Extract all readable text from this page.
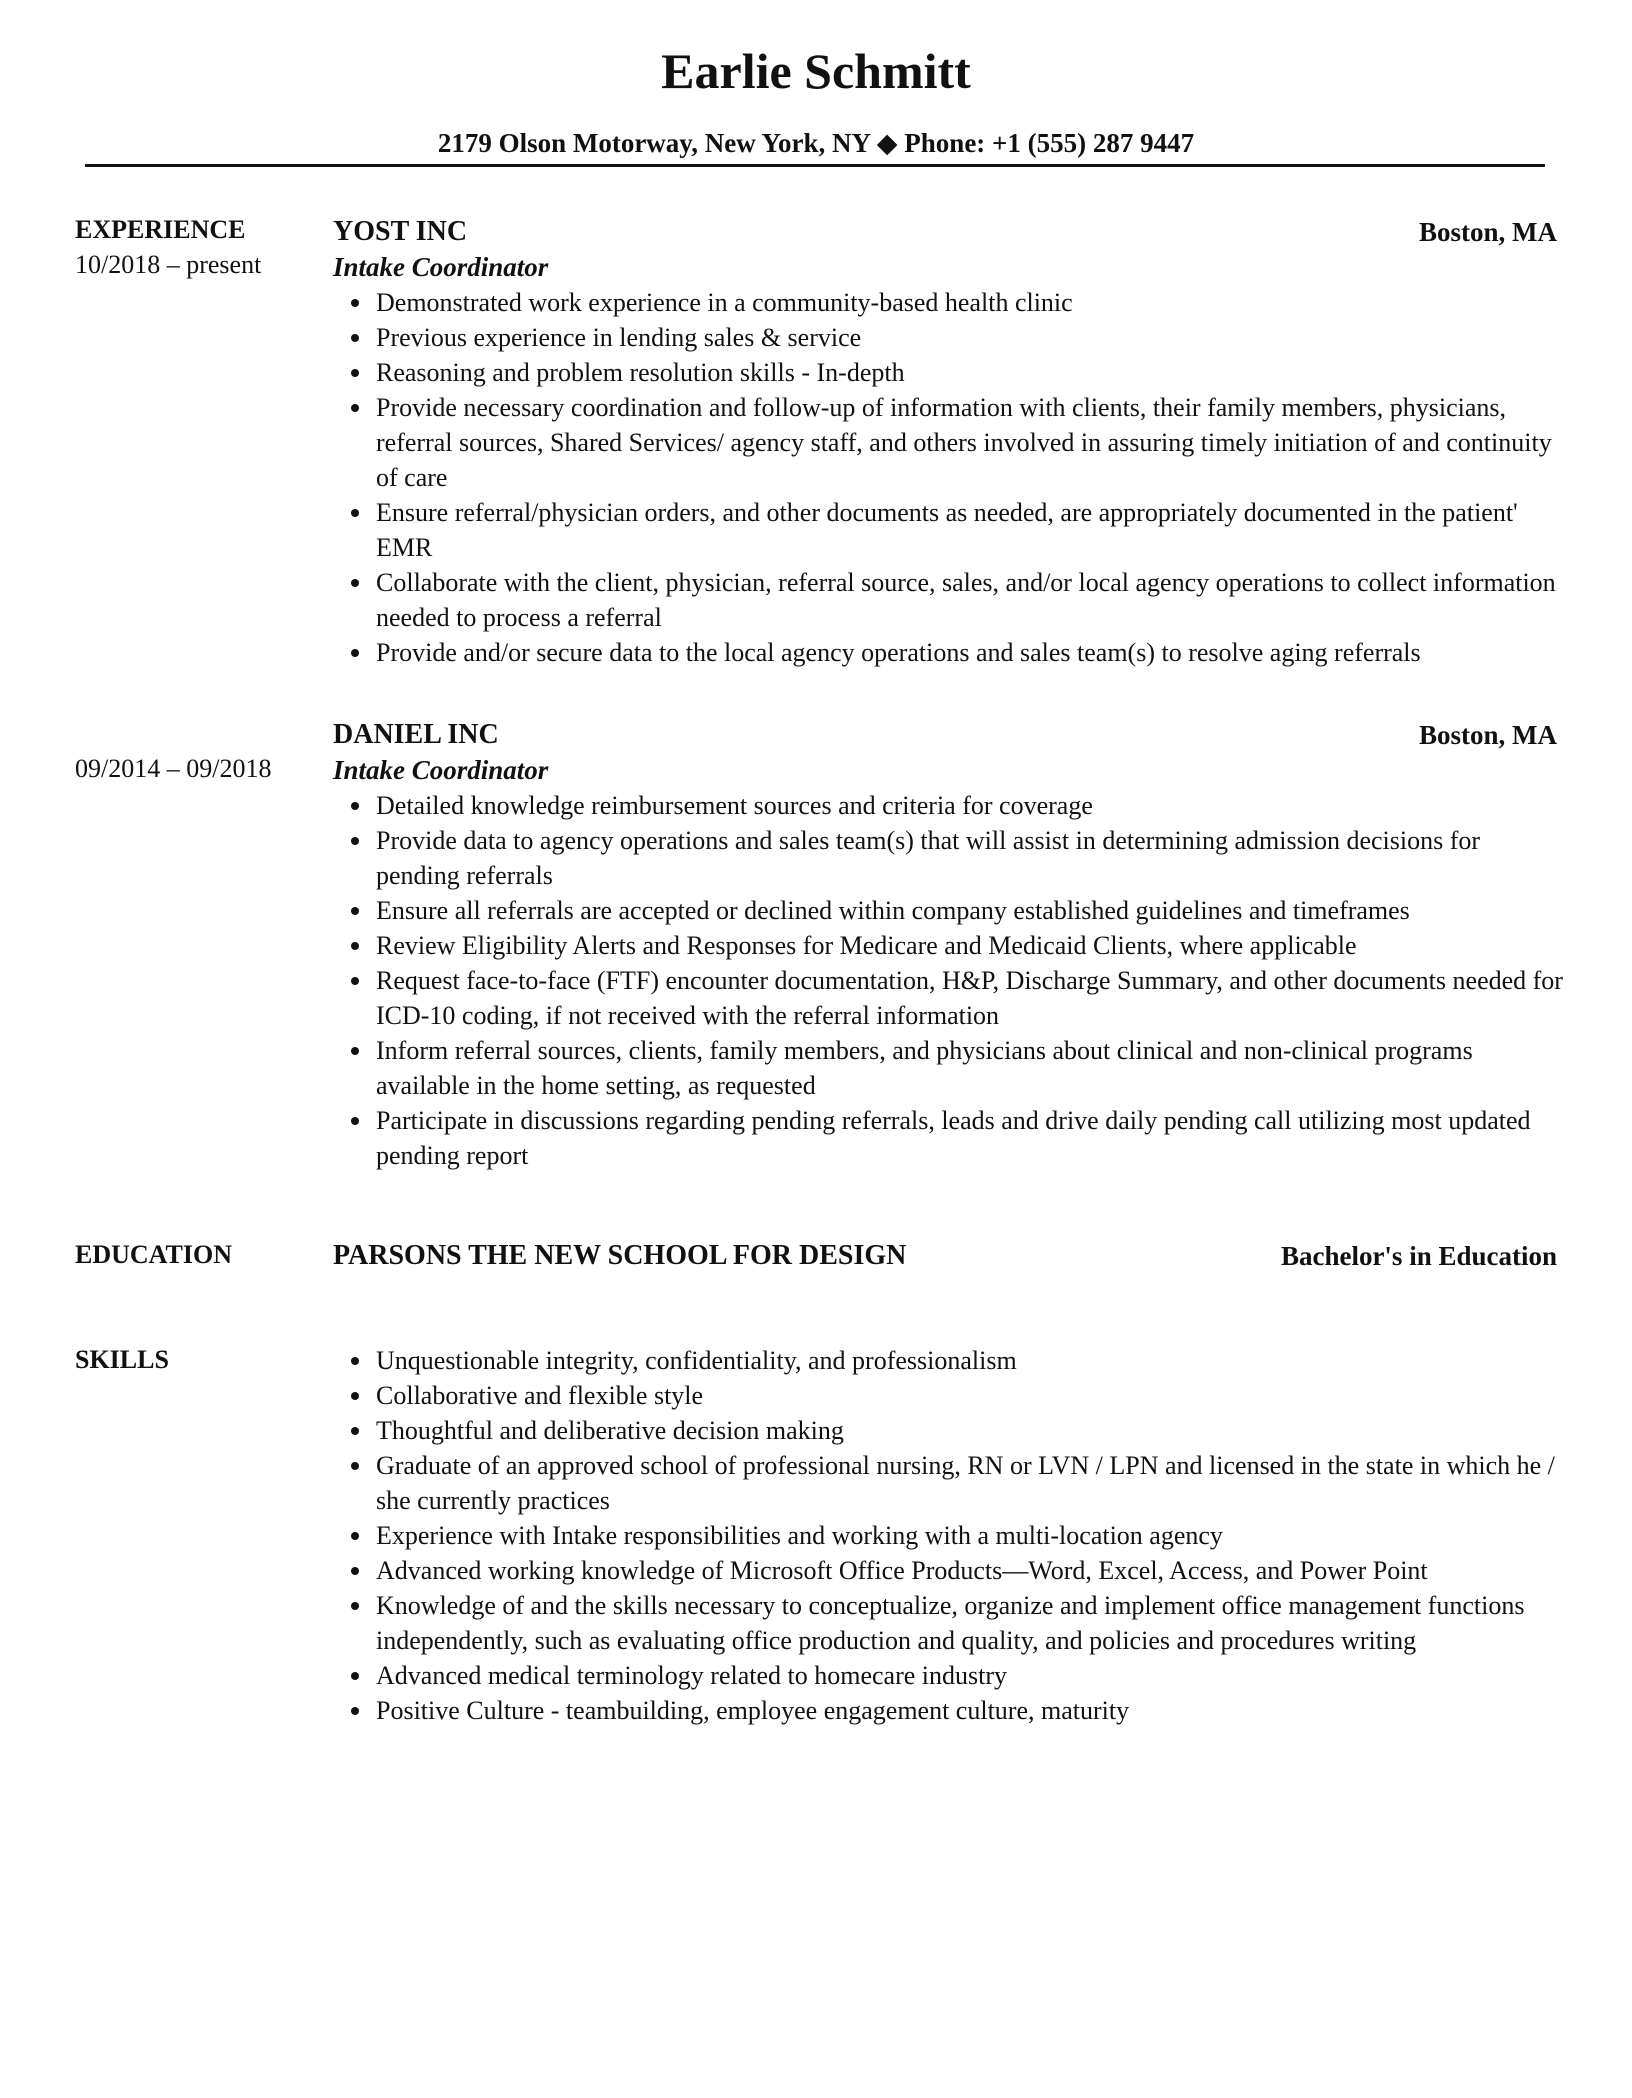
Earlie Schmitt
2179 Olson Motorway, New York, NY ◆ Phone: +1 (555) 287 9447
EXPERIENCE
10/2018 – present
YOST INC	Boston, MA
Intake Coordinator
Demonstrated work experience in a community-based health clinic
Previous experience in lending sales & service
Reasoning and problem resolution skills - In-depth
Provide necessary coordination and follow-up of information with clients, their family members, physicians, referral sources, Shared Services/ agency staff, and others involved in assuring timely initiation of and continuity of care
Ensure referral/physician orders, and other documents as needed, are appropriately documented in the patient' EMR
Collaborate with the client, physician, referral source, sales, and/or local agency operations to collect information needed to process a referral
Provide and/or secure data to the local agency operations and sales team(s) to resolve aging referrals
09/2014 – 09/2018
DANIEL INC	Boston, MA
Intake Coordinator
Detailed knowledge reimbursement sources and criteria for coverage
Provide data to agency operations and sales team(s) that will assist in determining admission decisions for pending referrals
Ensure all referrals are accepted or declined within company established guidelines and timeframes
Review Eligibility Alerts and Responses for Medicare and Medicaid Clients, where applicable
Request face-to-face (FTF) encounter documentation, H&P, Discharge Summary, and other documents needed for ICD-10 coding, if not received with the referral information
Inform referral sources, clients, family members, and physicians about clinical and non-clinical programs available in the home setting, as requested
Participate in discussions regarding pending referrals, leads and drive daily pending call utilizing most updated pending report
EDUCATION	PARSONS THE NEW SCHOOL FOR DESIGN	Bachelor's in Education
SKILLS	Unquestionable integrity, confidentiality, and professionalism
Collaborative and flexible style
Thoughtful and deliberative decision making
Graduate of an approved school of professional nursing, RN or LVN / LPN and licensed in the state in which he / she currently practices
Experience with Intake responsibilities and working with a multi-location agency
Advanced working knowledge of Microsoft Office Products—Word, Excel, Access, and Power Point
Knowledge of and the skills necessary to conceptualize, organize and implement office management functions independently, such as evaluating office production and quality, and policies and procedures writing
Advanced medical terminology related to homecare industry
Positive Culture - teambuilding, employee engagement culture, maturity
